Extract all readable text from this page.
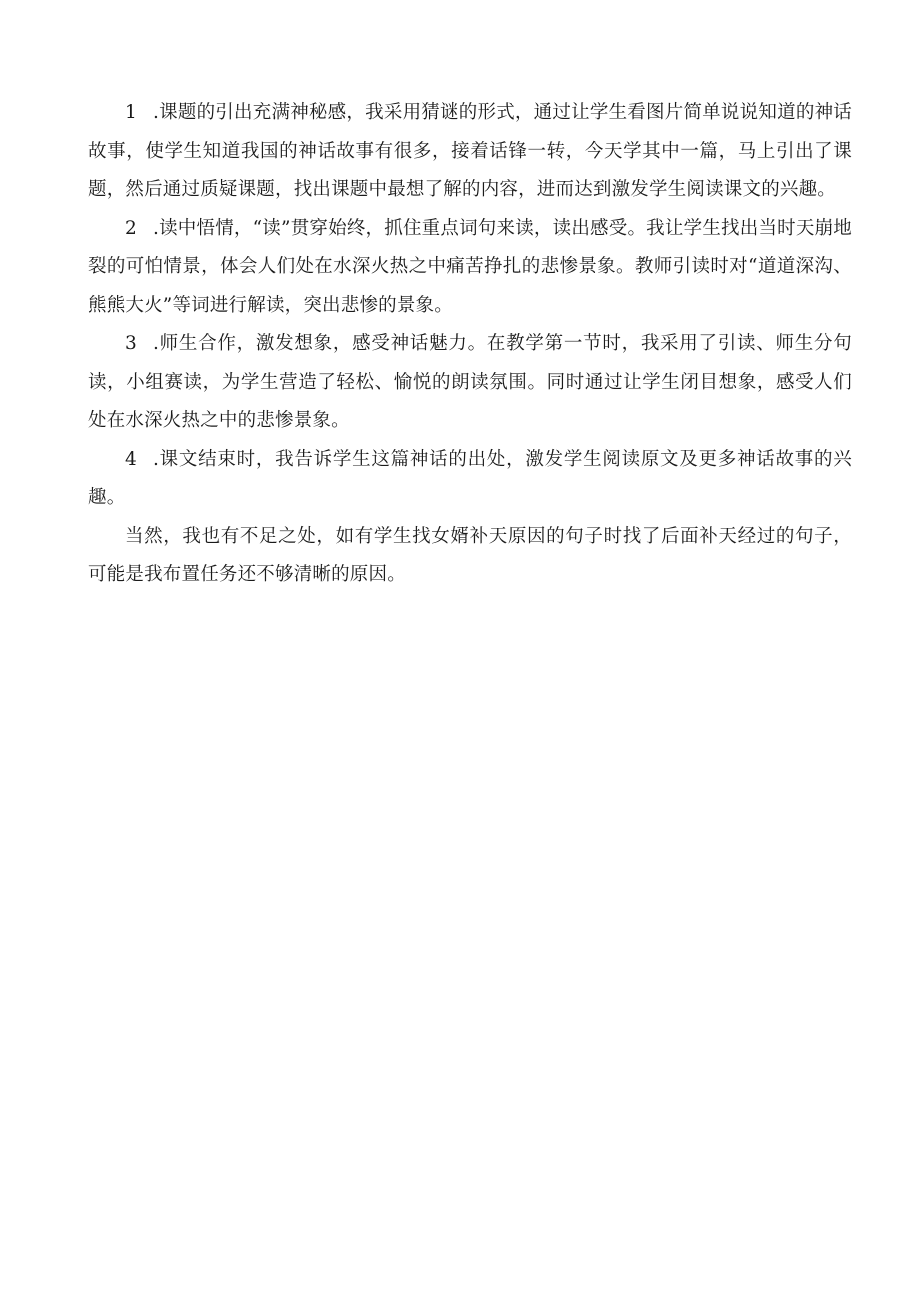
1 .课题的引出充满神秘感，我采用猜谜的形式，通过让学生看图片简单说说知道的神话故事，使学生知道我国的神话故事有很多，接着话锋一转，今天学其中一篇，马上引出了课题，然后通过质疑课题，找出课题中最想了解的内容，进而达到激发学生阅读课文的兴趣。

2 .读中悟情，“读”贯穿始终，抓住重点词句来读，读出感受。我让学生找出当时天崩地裂的可怕情景，体会人们处在水深火热之中痛苦挣扎的悲惨景象。教师引读时对“道道深沟、熊熊大火”等词进行解读，突出悲惨的景象。

3 .师生合作，激发想象，感受神话魅力。在教学第一节时，我采用了引读、师生分句读，小组赛读，为学生营造了轻松、愉悦的朗读氛围。同时通过让学生闭目想象，感受人们处在水深火热之中的悲惨景象。

4 .课文结束时，我告诉学生这篇神话的出处，激发学生阅读原文及更多神话故事的兴趣。

当然，我也有不足之处，如有学生找女婿补天原因的句子时找了后面补天经过的句子，可能是我布置任务还不够清晰的原因。
